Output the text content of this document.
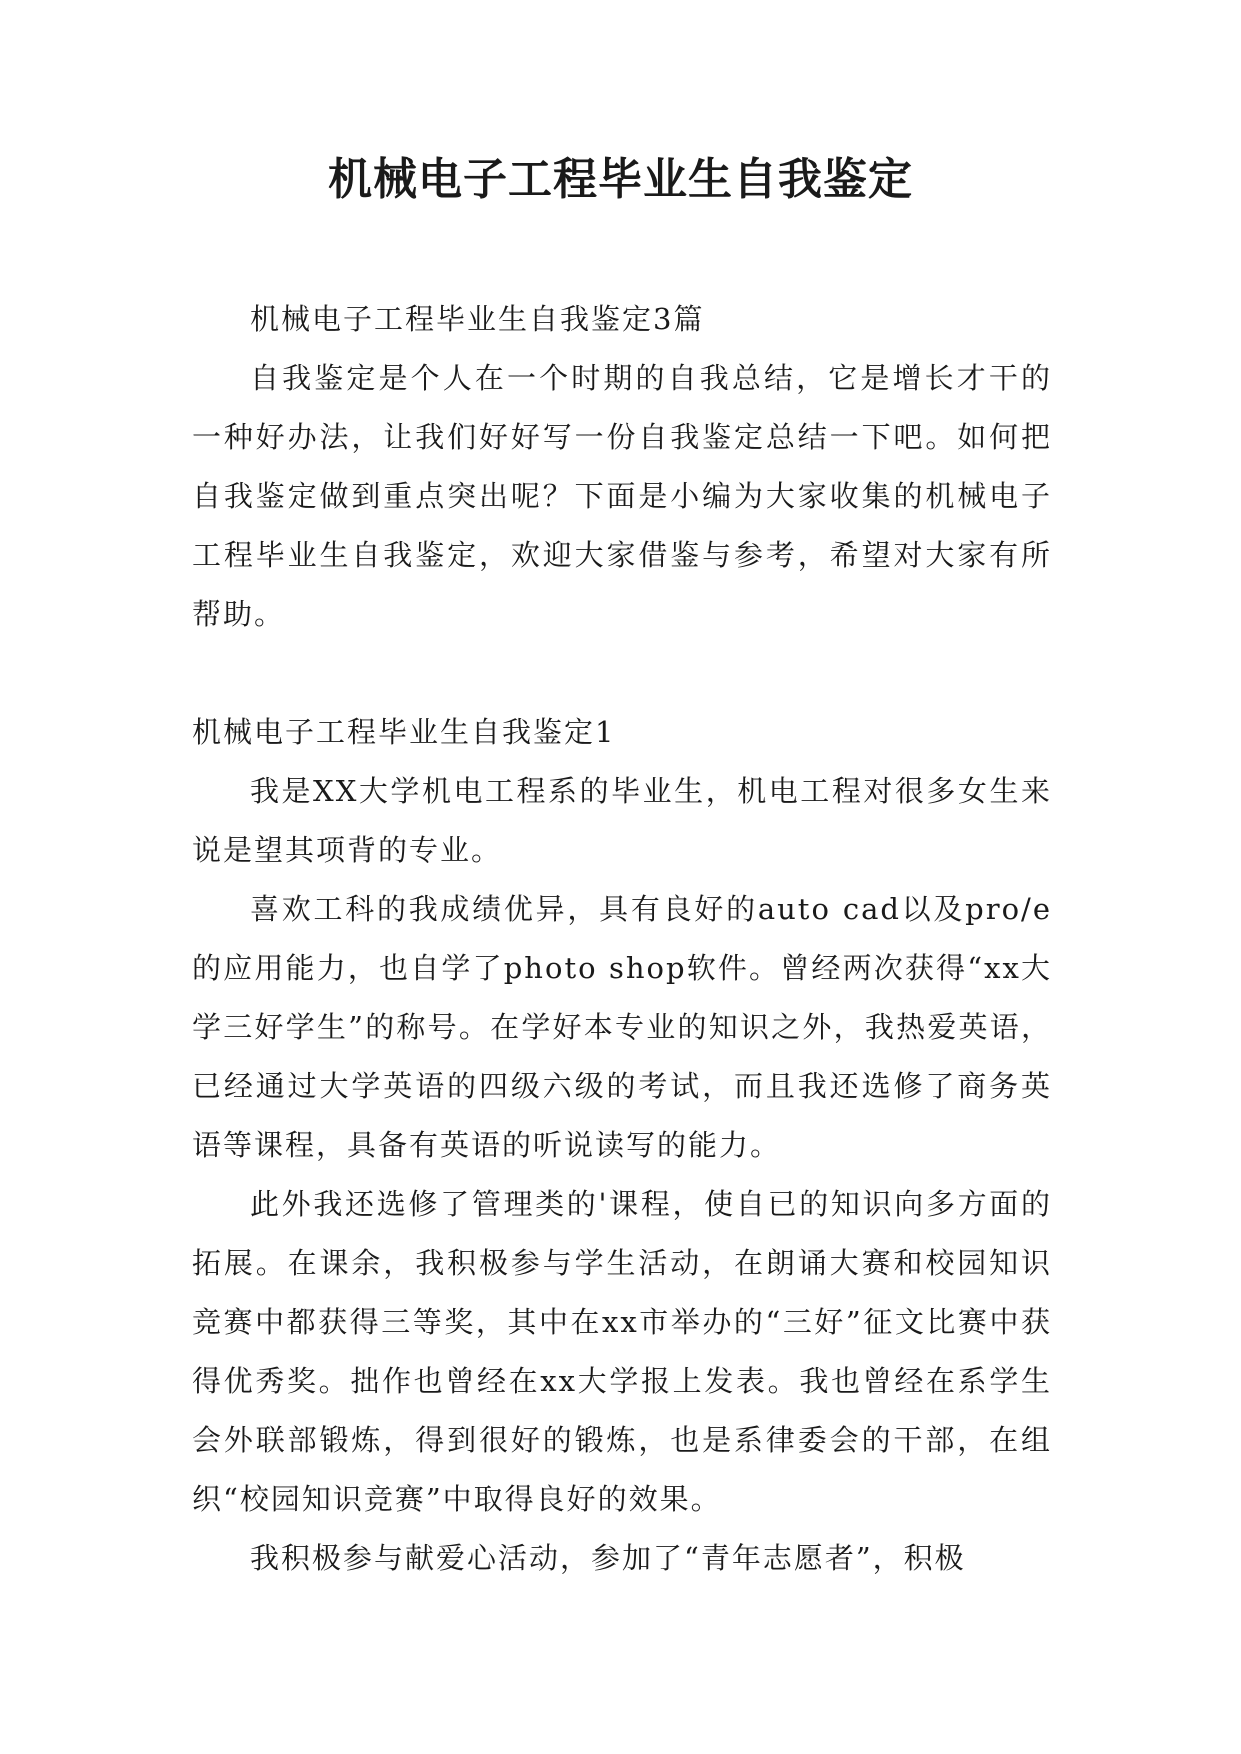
机械电子工程毕业生自我鉴定

机械电子工程毕业生自我鉴定3篇

自我鉴定是个人在一个时期的自我总结，它是增长才干的一种好办法，让我们好好写一份自我鉴定总结一下吧。如何把自我鉴定做到重点突出呢？下面是小编为大家收集的机械电子工程毕业生自我鉴定，欢迎大家借鉴与参考，希望对大家有所帮助。

机械电子工程毕业生自我鉴定1

我是XX大学机电工程系的毕业生，机电工程对很多女生来说是望其项背的专业。

喜欢工科的我成绩优异，具有良好的auto cad以及pro/e的应用能力，也自学了photo shop软件。曾经两次获得“xx大学三好学生”的称号。在学好本专业的知识之外，我热爱英语，已经通过大学英语的四级六级的考试，而且我还选修了商务英语等课程，具备有英语的听说读写的能力。

此外我还选修了管理类的'课程，使自已的知识向多方面的拓展。在课余，我积极参与学生活动，在朗诵大赛和校园知识竞赛中都获得三等奖，其中在xx市举办的“三好”征文比赛中获得优秀奖。拙作也曾经在xx大学报上发表。我也曾经在系学生会外联部锻炼，得到很好的锻炼，也是系律委会的干部，在组织“校园知识竞赛”中取得良好的效果。

我积极参与献爱心活动，参加了“青年志愿者”，积极
